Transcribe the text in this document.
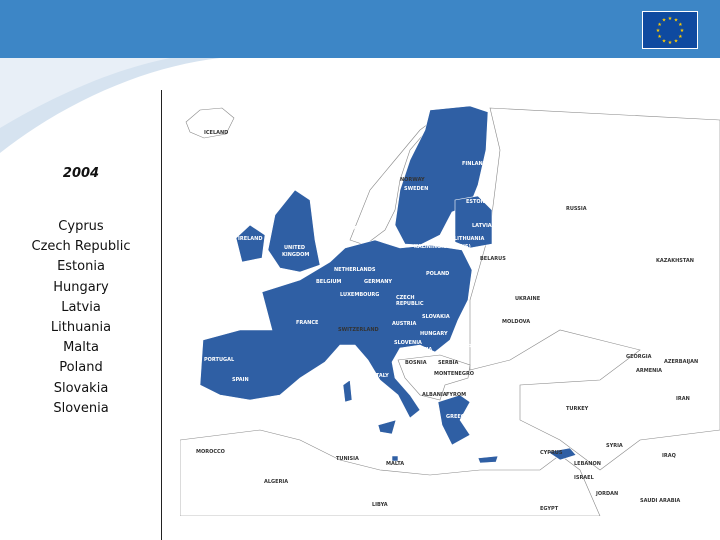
★ ★
★
★
★
★
★
★
★
★
★
★
2004
Cyprus
Czech Republic
Estonia
Hungary
Latvia
Lithuania
Malta
Poland
Slovakia
Slovenia
ICELAND
RUSSIA
BELARUS	KAZAKHSTAN
UKRAINE
MOLDOVA
SWITZERLAND
GEORGIA
AZERBAIJAN
ARMENIA
BOSNIA SERBIA
MONTENEGRO
ALBANIA FYROM
TURKEY
IRAN
SYRIA
IRAQ
MOROCCO
TUNISIA
LEBANON
MALTA
ISRAEL
ALGERIA
JORDAN
SAUDI ARABIA
LIBYA
EGYPT
FINLAND
NORWAY
SWEDEN
ESTONIA
LATVIA
DENMARK
LITHUANIA
KALININGRAD (RUS)
IRELAND
UNITED
KINGDOM
NETHERLANDS
POLAND
BELGIUM	GERMANY
LUXEMBOURG	CZECH
REPUBLIC
SLOVAKIA
AUSTRIA
FRANCE
HUNGARY
SLOVENIA
ROMANIA
CROATIA
PORTUGAL
ITALY
BULGARIA
SPAIN
GREECE
CYPRUS
